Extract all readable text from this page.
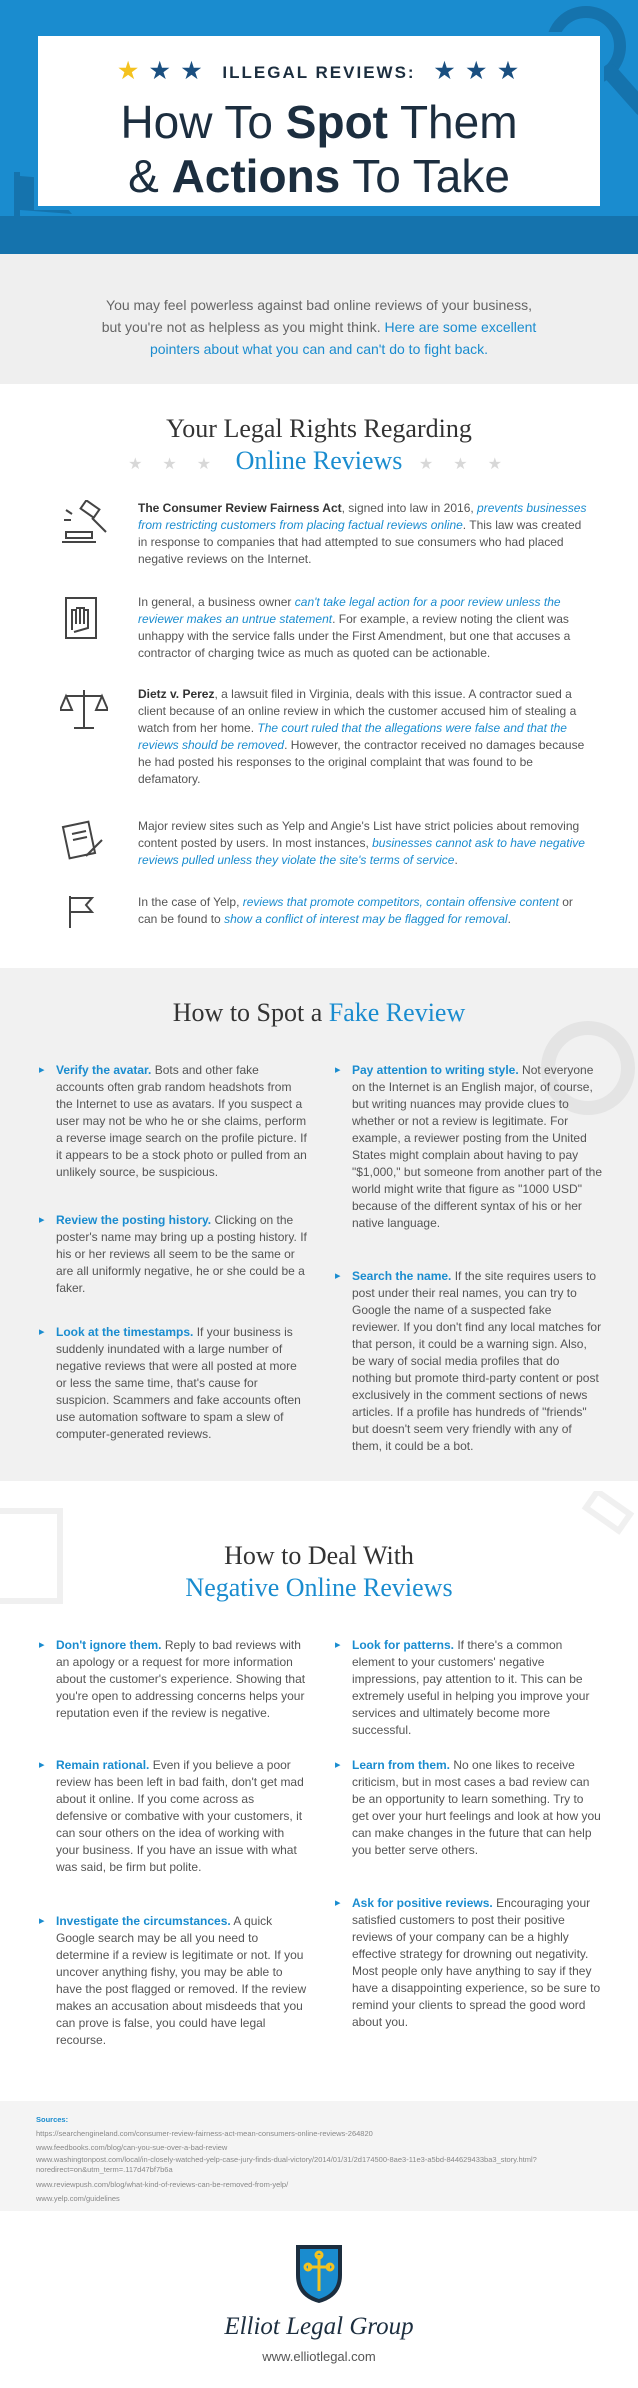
★ ★ ★ ILLEGAL REVIEWS: ★ ★ ★
How To Spot Them
& Actions To Take
You may feel powerless against bad online reviews of your business,
but you're not as helpless as you might think. Here are some excellent
pointers about what you can and can't do to fight back.
Your Legal Rights Regarding
★ ★ ★ Online Reviews ★ ★ ★
The Consumer Review Fairness Act, signed into law in 2016, prevents businesses from restricting customers from placing factual reviews online. This law was created in response to companies that had attempted to sue consumers who had placed negative reviews on the Internet.
In general, a business owner can't take legal action for a poor review unless the reviewer makes an untrue statement. For example, a review noting the client was unhappy with the service falls under the First Amendment, but one that accuses a contractor of charging twice as much as quoted can be actionable.
Dietz v. Perez, a lawsuit filed in Virginia, deals with this issue. A contractor sued a client because of an online review in which the customer accused him of stealing a watch from her home. The court ruled that the allegations were false and that the reviews should be removed. However, the contractor received no damages because he had posted his responses to the original complaint that was found to be defamatory.
Major review sites such as Yelp and Angie's List have strict policies about removing content posted by users. In most instances, businesses cannot ask to have negative reviews pulled unless they violate the site's terms of service.
In the case of Yelp, reviews that promote competitors, contain offensive content or can be found to show a conflict of interest may be flagged for removal.
How to Spot a Fake Review
▸ Verify the avatar. Bots and other fake accounts often grab random headshots from the Internet to use as avatars. If you suspect a user may not be who he or she claims, perform a reverse image search on the profile picture. If it appears to be a stock photo or pulled from an unlikely source, be suspicious.
▸ Review the posting history. Clicking on the poster's name may bring up a posting history. If his or her reviews all seem to be the same or are all uniformly negative, he or she could be a faker.
▸ Look at the timestamps. If your business is suddenly inundated with a large number of negative reviews that were all posted at more or less the same time, that's cause for suspicion. Scammers and fake accounts often use automation software to spam a slew of computer-generated reviews.
▸ Pay attention to writing style. Not everyone on the Internet is an English major, of course, but writing nuances may provide clues to whether or not a review is legitimate. For example, a reviewer posting from the United States might complain about having to pay "$1,000," but someone from another part of the world might write that figure as "1000 USD" because of the different syntax of his or her native language.
▸ Search the name. If the site requires users to post under their real names, you can try to Google the name of a suspected fake reviewer. If you don't find any local matches for that person, it could be a warning sign. Also, be wary of social media profiles that do nothing but promote third-party content or post exclusively in the comment sections of news articles. If a profile has hundreds of "friends" but doesn't seem very friendly with any of them, it could be a bot.
How to Deal With
Negative Online Reviews
▸ Don't ignore them. Reply to bad reviews with an apology or a request for more information about the customer's experience. Showing that you're open to addressing concerns helps your reputation even if the review is negative.
▸ Remain rational. Even if you believe a poor review has been left in bad faith, don't get mad about it online. If you come across as defensive or combative with your customers, it can sour others on the idea of working with your business. If you have an issue with what was said, be firm but polite.
▸ Investigate the circumstances. A quick Google search may be all you need to determine if a review is legitimate or not. If you uncover anything fishy, you may be able to have the post flagged or removed. If the review makes an accusation about misdeeds that you can prove is false, you could have legal recourse.
▸ Look for patterns. If there's a common element to your customers' negative impressions, pay attention to it. This can be extremely useful in helping you improve your services and ultimately become more successful.
▸ Learn from them. No one likes to receive criticism, but in most cases a bad review can be an opportunity to learn something. Try to get over your hurt feelings and look at how you can make changes in the future that can help you better serve others.
▸ Ask for positive reviews. Encouraging your satisfied customers to post their positive reviews of your company can be a highly effective strategy for drowning out negativity. Most people only have anything to say if they have a disappointing experience, so be sure to remind your clients to spread the good word about you.
Sources:
https://searchengineland.com/consumer-review-fairness-act-mean-consumers-online-reviews-264820
www.feedbooks.com/blog/can-you-sue-over-a-bad-review
www.washingtonpost.com/local/in-closely-watched-yelp-case-jury-finds-dual-victory/2014/01/31/2d174500-8ae3-11e3-a5bd-844629433ba3_story.html?noredirect=on&utm_term=.117d47bf7b6a
www.reviewpush.com/blog/what-kind-of-reviews-can-be-removed-from-yelp/
www.yelp.com/guidelines
Elliot Legal Group
www.elliotlegal.com
